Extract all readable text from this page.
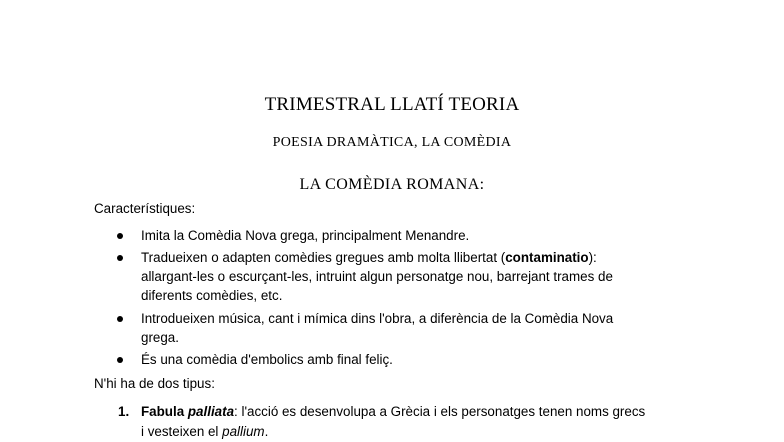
TRIMESTRAL LLATÍ TEORIA
POESIA DRAMÀTICA, LA COMÈDIA
LA COMÈDIA ROMANA:
Característiques:
Imita la Comèdia Nova grega, principalment Menandre.
Tradueixen o adapten comèdies gregues amb molta llibertat (contaminatio):
allargant-les o escurçant-les, intruint algun personatge nou, barrejant trames de
diferents comèdies, etc.
Introdueixen música, cant i mímica dins l'obra, a diferència de la Comèdia Nova
grega.
És una comèdia d'embolics amb final feliç.
N'hi ha de dos tipus:
1. Fabula palliata: l'acció es desenvolupa a Grècia i els personatges tenen noms grecs
i vesteixen el pallium.
